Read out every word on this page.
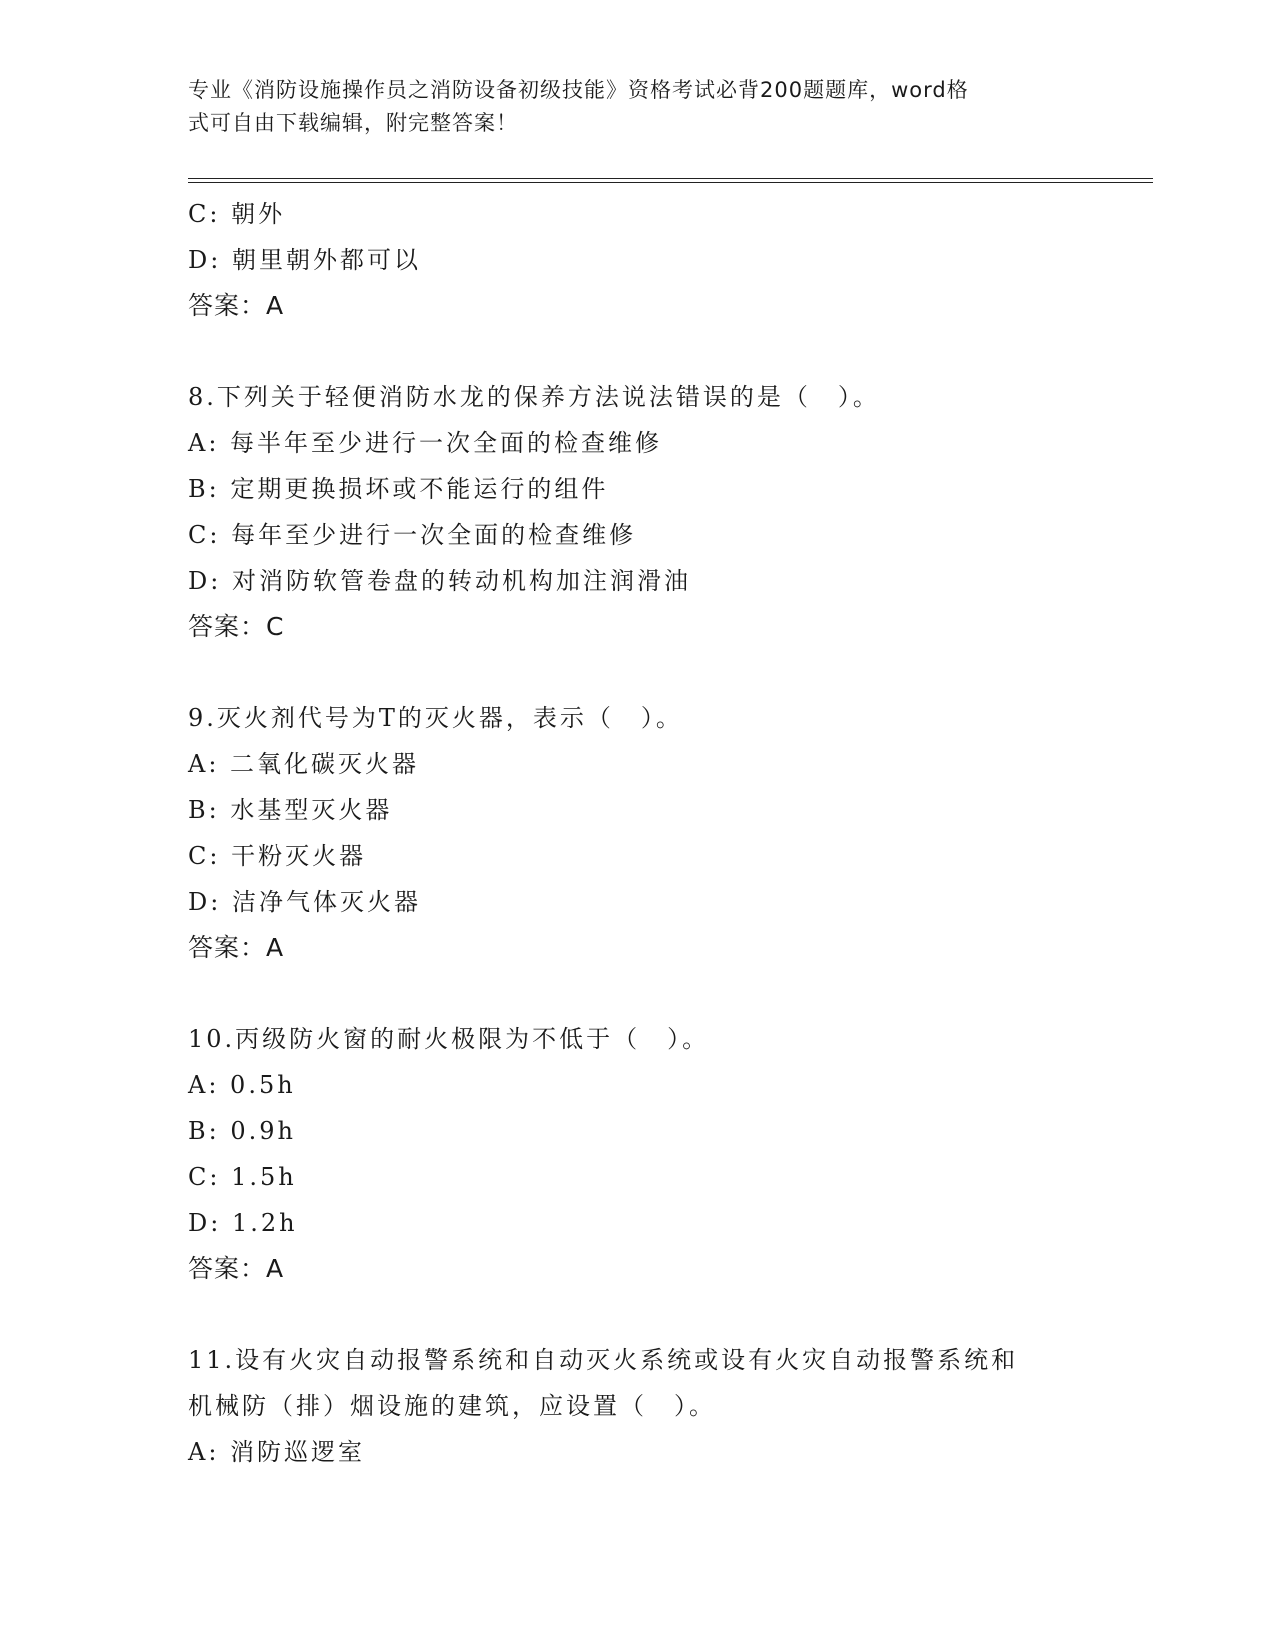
专业《消防设施操作员之消防设备初级技能》资格考试必背200题题库，word格
式可自由下载编辑，附完整答案！
C: 朝外
D: 朝里朝外都可以
答案：A
8.下列关于轻便消防水龙的保养方法说法错误的是（　）。
A: 每半年至少进行一次全面的检查维修
B: 定期更换损坏或不能运行的组件
C: 每年至少进行一次全面的检查维修
D: 对消防软管卷盘的转动机构加注润滑油
答案：C
9.灭火剂代号为T的灭火器，表示（　）。
A: 二氧化碳灭火器
B: 水基型灭火器
C: 干粉灭火器
D: 洁净气体灭火器
答案：A
10.丙级防火窗的耐火极限为不低于（　）。
A: 0.5h
B: 0.9h
C: 1.5h
D: 1.2h
答案：A
11.设有火灾自动报警系统和自动灭火系统或设有火灾自动报警系统和
机械防（排）烟设施的建筑，应设置（　）。
A: 消防巡逻室
